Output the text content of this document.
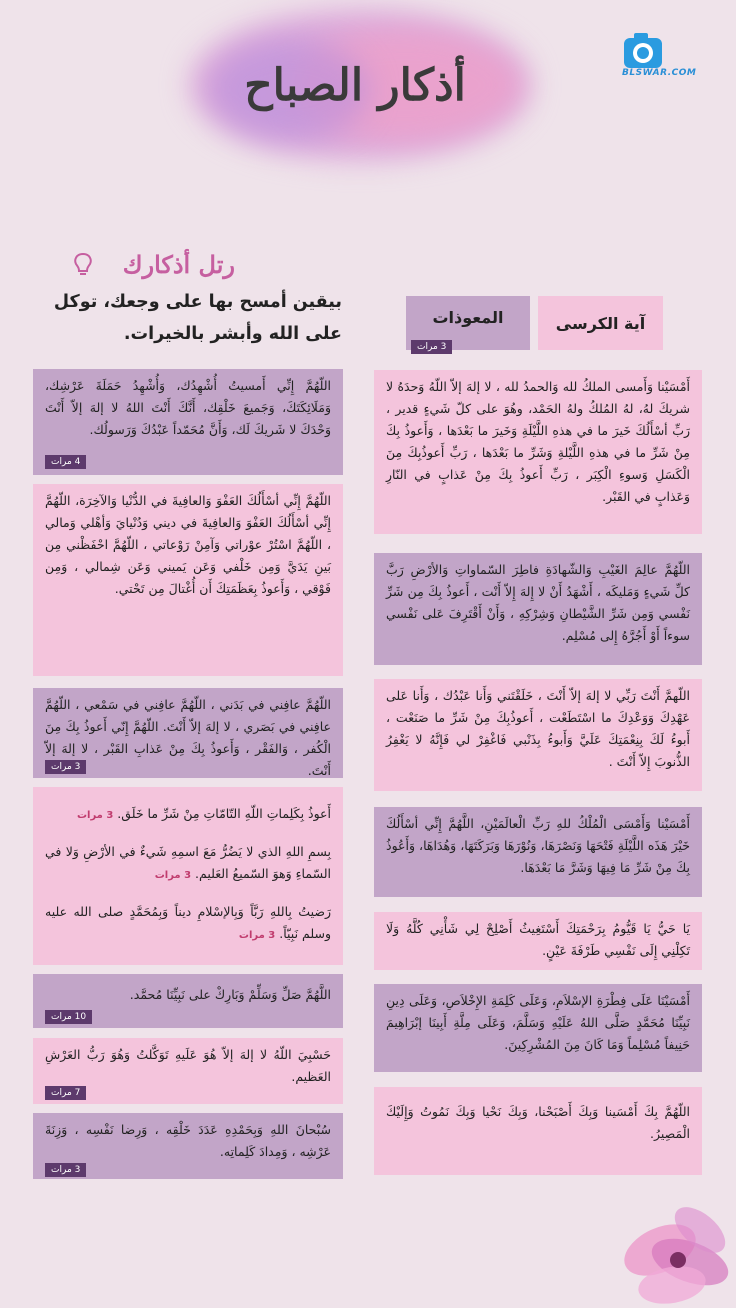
أذكار الصباح	BLSWAR.COM
رتل أذكارك
بيقين أمسح بها على وجعك، توكل على الله وأبشر بالخيرات.
آية الكرسى
المعوذات
3 مرات
أَمْسَيْنا وَأَمسى الملكُ لله وَالحمدُ لله ، لا إلهَ إلاّ اللّهُ وَحدَهُ لا شريكَ لهُ، لهُ المُلكُ ولهُ الحَمْد، وهُوَ على كلّ شَيءٍ قدير ، رَبِّ أسْأَلُكَ خَيرَ ما في هذهِ اللَّيْلَةِ وَخَيرَ ما بَعْدَها ، وَأَعوذُ بِكَ مِنْ شَرِّ ما في هذهِ اللَّيْلةِ وَشَرِّ ما بَعْدَها ، رَبِّ أَعوذُبِكَ مِنَ الْكَسَلِ وَسوءِ الْكِبَر ، رَبِّ أَعوذُ بِكَ مِنْ عَذابٍ في النّارِ وَعَذابٍ في القَبْر.
اللّهُمَّ عالِمَ الغَيْبِ وَالشّهادَةِ فاطِرَ السّماواتِ وَالأرْضِ رَبَّ كلِّ شَيءٍ وَمَليكَه ، أَشْهَدُ أَنْ لا إِلهَ إِلاّ أَنْت ، أَعوذُ بِكَ مِن شَرِّ نَفْسي وَمِن شَرِّ الشَّيْطانِ وَشِرْكِهِ ، وَأَنْ أَقْتَرِفَ عَلى نَفْسي سوءاً أَوْ أَجُرَّهُ إِلى مُسْلِم.
اللّهمَّ أَنْتَ رَبِّي لا إلهَ إلاّ أَنْتَ ، خَلَقْتَني وَأَنا عَبْدُك ، وَأَنا عَلى عَهْدِكَ وَوَعْدِكَ ما اسْتَطَعْت ، أَعوذُبِكَ مِنْ شَرِّ ما صَنَعْت ، أَبوءُ لَكَ بِنِعْمَتِكَ عَلَيَّ وَأَبوءُ بِذَنْبي فَاغْفِرْ لي فَإِنَّهُ لا يَغْفِرُ الذُّنوبَ إِلاّ أَنْتَ .
أَمْسَيْنا وَأَمْسَى الْمُلْكُ للهِ رَبِّ الْعالَمَيْنِ، اللَّهُمَّ إِنِّي أسْأَلُكَ خَيْرَ هَذَه اللَّيْلَةِ فَتْحَهَا وَنَصْرَهَا، وَنُوْرَهَا وَبَرَكَتَهَا، وَهُدَاهَا، وَأَعُوذُ بِكَ مِنْ شَرِّ مَا فِيهَا وَشَرَّ مَا بَعْدَهَا.
يَا حَيُّ يَا قَيُّومُ بِرَحْمَتِكَ أَسْتَغِيثُ أَصْلِحْ لِي شَأْنِي كُلَّهُ وَلَا تَكِلْنِي إِلَى نَفْسِي طَرْفَةَ عَيْنٍ.
أَمْسَيْنَا عَلَى فِطْرَةِ الإسْلاَمِ، وَعَلَى كَلِمَةِ الإِخْلاَصِ، وَعَلَى دِينِ نَبِيِّنَا مُحَمَّدٍ صَلَّى اللهُ عَلَيْهِ وَسَلَّمَ، وَعَلَى مِلَّةِ أَبِينَا إبْرَاهِيمَ حَنِيفاً مُسْلِماً وَمَا كَانَ مِنَ المُشْرِكِينَ.
اللّهُمَّ بِكَ أَمْسَينا وَبِكَ أَصْبَحْنا، وَبِكَ نَحْيا وَبِكَ نَمُوتُ وَإِلَيْكَ الْمَصِيرُ.
اللّهُمَّ إِنِّي أَمسيتُ أُشْهِدُك، وَأُشْهِدُ حَمَلَةَ عَرْشِك، وَمَلَائِكَتَكَ، وَجَميعَ خَلْقِك، أَنَّكَ أَنْتَ اللهُ لا إلهَ إلاّ أَنْتَ وَحْدَكَ لا شَريكَ لَك، وَأَنَّ مُحَمّداً عَبْدُكَ وَرَسولُك.
4 مرات
اللّهُمَّ إِنِّي أسْأَلُكَ العَفْوَ وَالعافِيةَ في الدُّنْيا وَالآخِرَة، اللّهُمَّ إِنِّي أسْأَلُكَ العَفْوَ وَالعافِيةَ في ديني وَدُنْيايَ وَأهْلي وَمالي ، اللّهُمَّ اسْتُرْ عوْراتي وَآمِنْ رَوْعاتي ، اللّهُمَّ احْفَظْني مِن بَينِ يَدَيَّ وَمِن خَلْفي وَعَن يَميني وَعَن شِمالي ، وَمِن فَوْقي ، وَأَعوذُ بِعَظَمَتِكَ أَن أُغْتالَ مِن تَحْتي.
اللّهُمَّ عافِني في بَدَني ، اللّهُمَّ عافِني في سَمْعي ، اللّهُمَّ عافِني في بَصَري ، لا إلهَ إلاّ أَنْتَ. اللّهُمَّ إِنّي أَعوذُ بِكَ مِنَ الْكُفر ، وَالفَقْر ، وَأَعوذُ بِكَ مِنْ عَذابِ القَبْر ، لا إلهَ إلاّ أَنْتَ.
3 مرات

أَعوذُ بِكَلِماتِ اللّهِ التّامّاتِ مِنْ شَرِّ ما خَلَق. 3 مرات

بِسمِ اللهِ الذي لا يَضُرُّ مَعَ اسمِهِ شَيءٌ في الأرْضِ وَلا في السّماءِ وَهوَ السّميعُ العَليم. 3 مرات

رَضيتُ بِاللهِ رَبَّاً وَبِالإسْلامِ ديناً وَبِمُحَمَّدٍ صلى الله عليه وسلم نَبِيّاً. 3 مرات

اللَّهُمَّ صَلِّ وَسَلِّمْ وَبَارِكْ على نَبِيِّنَا مُحمَّد.
10 مرات
حَسْبِيَ اللّهُ لا إلهَ إلاّ هُوَ عَلَيهِ تَوَكَّلتُ وَهُوَ رَبُّ العَرْشِ العَظيم.
7 مرات
سُبْحانَ اللهِ وَبِحَمْدِهِ عَدَدَ خَلْقِه ، وَرِضا نَفْسِه ، وَزِنَةَ عَرْشِه ، وَمِدادَ كَلِماتِه.
3 مرات
